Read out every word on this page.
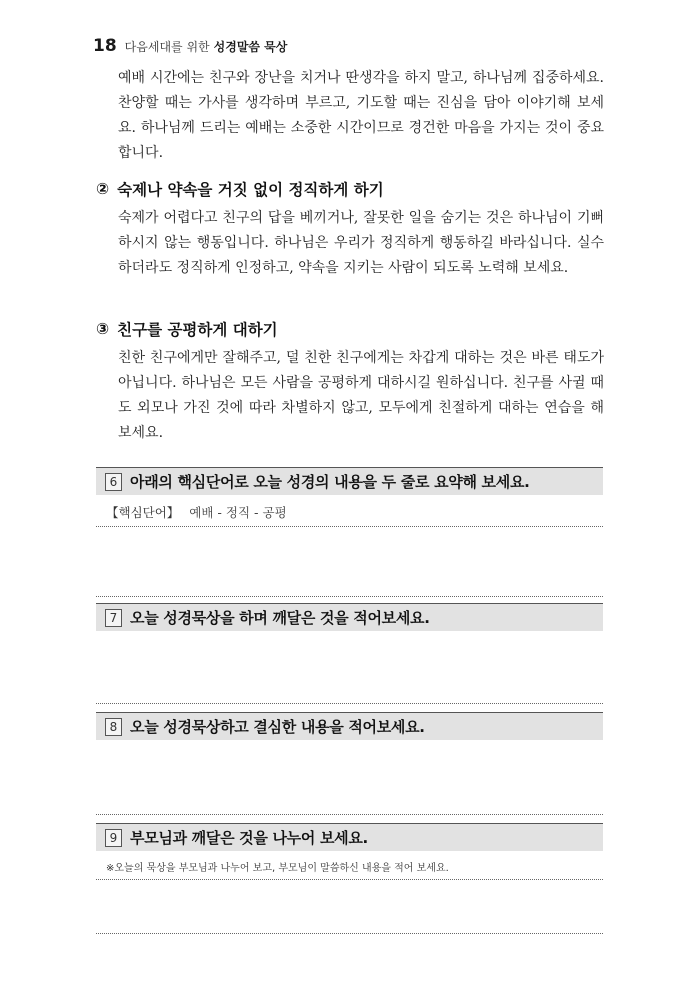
18 다음세대를 위한 성경말씀 묵상
예배 시간에는 친구와 장난을 치거나 딴생각을 하지 말고, 하나님께 집중하세요. 찬양할 때는 가사를 생각하며 부르고, 기도할 때는 진심을 담아 이야기해 보세요. 하나님께 드리는 예배는 소중한 시간이므로 경건한 마음을 가지는 것이 중요합니다.
② 숙제나 약속을 거짓 없이 정직하게 하기
숙제가 어렵다고 친구의 답을 베끼거나, 잘못한 일을 숨기는 것은 하나님이 기뻐하시지 않는 행동입니다. 하나님은 우리가 정직하게 행동하길 바라십니다. 실수하더라도 정직하게 인정하고, 약속을 지키는 사람이 되도록 노력해 보세요.
③ 친구를 공평하게 대하기
친한 친구에게만 잘해주고, 덜 친한 친구에게는 차갑게 대하는 것은 바른 태도가 아닙니다. 하나님은 모든 사람을 공평하게 대하시길 원하십니다. 친구를 사귈 때도 외모나 가진 것에 따라 차별하지 않고, 모두에게 친절하게 대하는 연습을 해 보세요.
6 아래의 핵심단어로 오늘 성경의 내용을 두 줄로 요약해 보세요.
【핵심단어】 예배 - 정직 - 공평
7 오늘 성경묵상을 하며 깨달은 것을 적어보세요.
8 오늘 성경묵상하고 결심한 내용을 적어보세요.
9 부모님과 깨달은 것을 나누어 보세요.
※오늘의 묵상을 부모님과 나누어 보고, 부모님이 말씀하신 내용을 적어 보세요.
